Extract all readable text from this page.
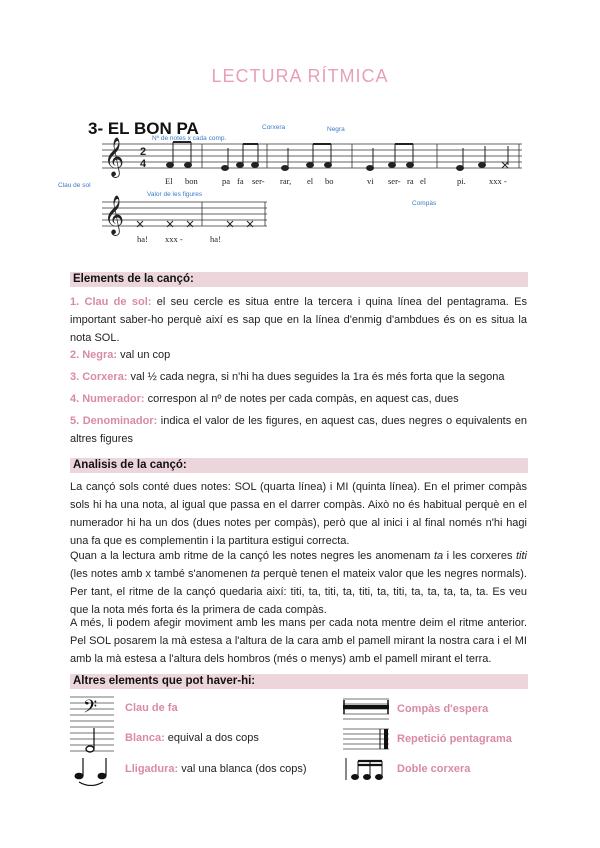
LECTURA RÍTMICA
3- EL BON PA
𝄞 2
4
Nº de notes x cada comp.
Corxera	Negra
Clau de sol
Valor de les figures
Compàs
El bon	pa fa ser- rar, el bo	vi ser- ra el	pi.	xxx -
𝄞
ha! xxx -	ha!
Elements de la cançó:
1. Clau de sol: el seu cercle es situa entre la tercera i quina línea del pentagrama. Es important saber-ho perquè així es sap que en la línea d'enmig d'ambdues és on es situa la nota SOL.
2. Negra: val un cop
3. Corxera: val ½ cada negra, si n'hi ha dues seguides la 1ra és més forta que la segona
4. Numerador: correspon al nº de notes per cada compàs, en aquest cas, dues
5. Denominador: indica el valor de les figures, en aquest cas, dues negres o equivalents en altres figures
Analisis de la cançó:
La cançó sols conté dues notes: SOL (quarta línea) i MI (quinta línea). En el primer compàs sols hi ha una nota, al igual que passa en el darrer compàs. Això no és habitual perquè en el numerador hi ha un dos (dues notes per compàs), però que al inici i al final només n'hi hagi una fa que es complementin i la partitura estigui correcta.
Quan a la lectura amb ritme de la cançó les notes negres les anomenam ta i les corxeres titi (les notes amb x també s'anomenen ta perquè tenen el mateix valor que les negres normals). Per tant, el ritme de la cançó quedaria així: titi, ta, titi, ta, titi, ta, titi, ta, ta, ta, ta, ta. Es veu que la nota més forta és la primera de cada compàs.
A més, li podem afegir moviment amb les mans per cada nota mentre deim el ritme anterior. Pel SOL posarem la mà estesa a l'altura de la cara amb el pamell mirant la nostra cara i el MI amb la mà estesa a l'altura dels hombros (més o menys) amb el pamell mirant el terra.
Altres elements que pot haver-hi:
𝄢	Clau de fa
Blanca: equival a dos cops
Lligadura: val una blanca (dos cops)
Compàs d'espera
Repetició pentagrama
Doble corxera
